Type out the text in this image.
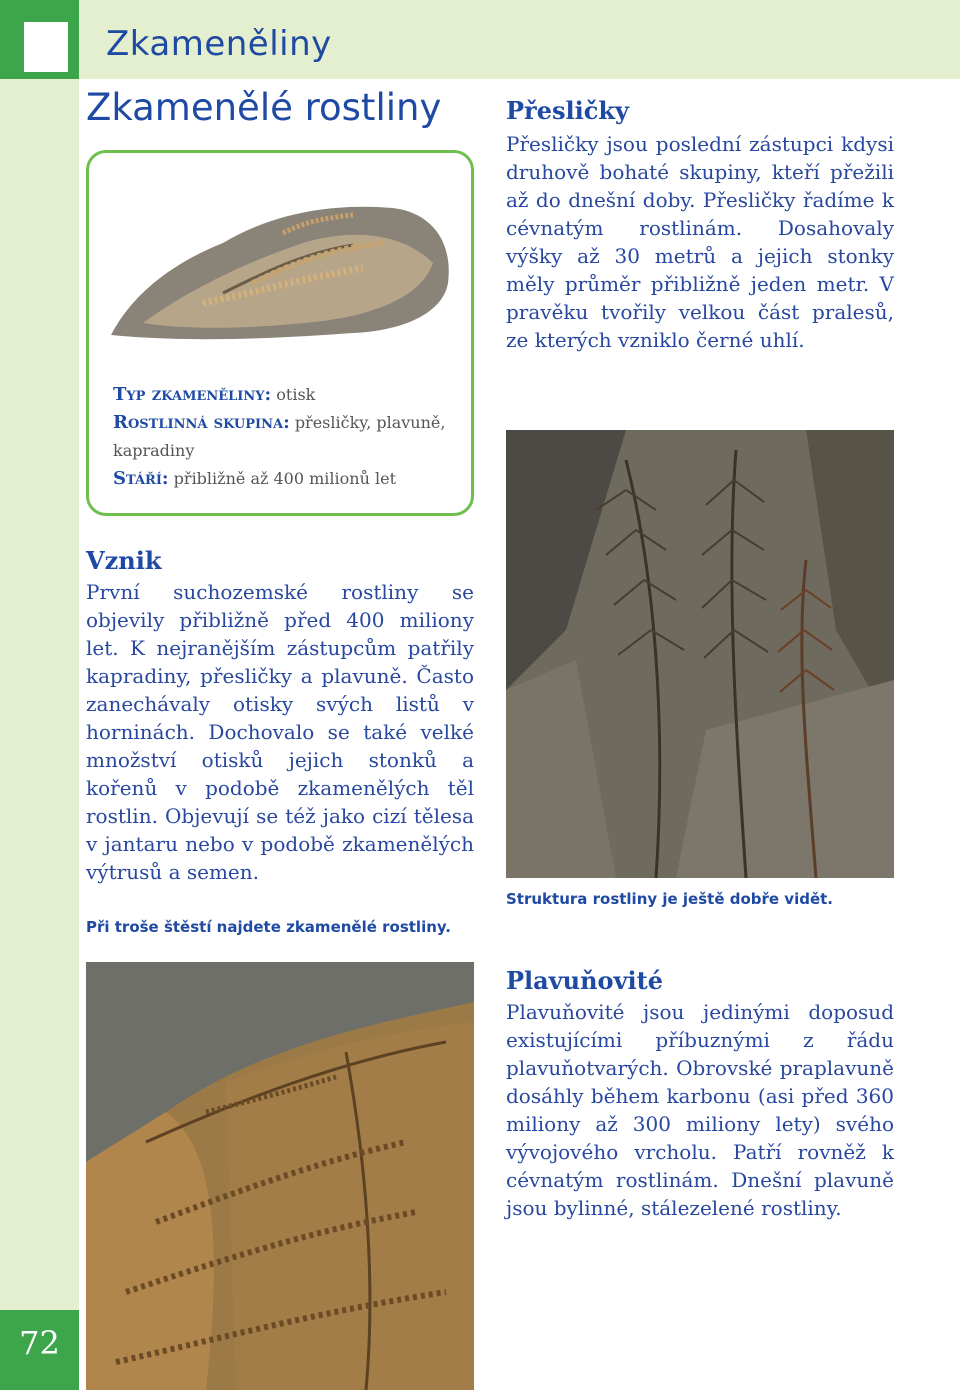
Zkameněliny
Zkamenělé rostliny
Typ zkameněliny: otisk
Rostlinná skupina: přesličky, plavuně, kapradiny
Stáří: přibližně až 400 milionů let
Přesličky
Přesličky jsou poslední zástupci kdysi druhově bohaté skupiny, kteří přežili až do dnešní doby. Přesličky řadíme k cévnatým rostlinám. Dosahovaly výšky až 30 metrů a jejich stonky měly průměr přibližně jeden metr. V pravěku tvořily velkou část pralesů, ze kterých vzniklo černé uhlí.
Struktura rostliny je ještě dobře vidět.
Vznik
První suchozemské rostliny se objevily přibližně před 400 miliony let. K nejranějším zástupcům patřily kapradiny, přesličky a plavuně. Často zanechávaly otisky svých listů v horninách. Dochovalo se také velké množství otisků jejich stonků a kořenů v podobě zkamenělých těl rostlin. Objevují se též jako cizí tělesa v jantaru nebo v podobě zkamenělých výtrusů a semen.
Při troše štěstí najdete zkamenělé rostliny.
Plavuňovité
Plavuňovité jsou jedinými doposud existujícími příbuznými z řádu plavuňotvarých. Obrovské praplavuně dosáhly během karbonu (asi před 360 miliony až 300 miliony lety) svého vývojového vrcholu. Patří rovněž k cévnatým rostlinám. Dnešní plavuně jsou bylinné, stálezelené rostliny.
72
